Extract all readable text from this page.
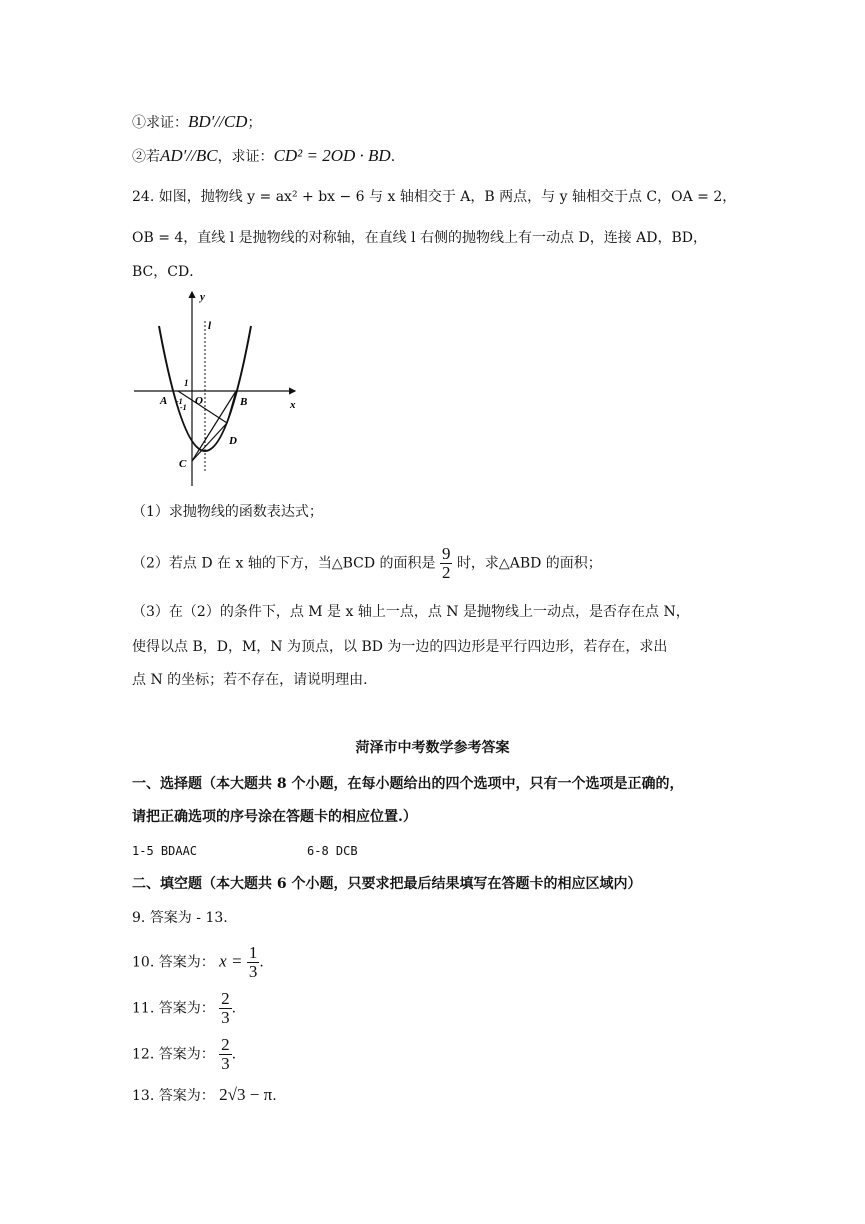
①求证：BD′//CD；
②若AD′//BC，求证：CD² = 2OD · BD．
24. 如图，抛物线 y = ax² + bx − 6 与 x 轴相交于 A，B 两点，与 y 轴相交于点 C，OA = 2，
OB = 4，直线 l 是抛物线的对称轴，在直线 l 右侧的抛物线上有一动点 D，连接 AD，BD，
BC，CD．
y
x
l
1
A -1
-1
O	B
D
C
（1）求抛物线的函数表达式；
（2）若点 D 在 x 轴的下方，当△BCD 的面积是 $\frac{9}{2}$ 时，求△ABD 的面积；
（3）在（2）的条件下，点 M 是 x 轴上一点，点 N 是抛物线上一动点，是否存在点 N，
使得以点 B，D，M，N 为顶点，以 BD 为一边的四边形是平行四边形，若存在，求出
点 N 的坐标；若不存在，请说明理由.
菏泽市中考数学参考答案
一、选择题（本大题共 8 个小题，在每小题给出的四个选项中，只有一个选项是正确的，
请把正确选项的序号涂在答题卡的相应位置.）
1-5 BDAAC	6-8 DCB
二、填空题（本大题共 6 个小题，只要求把最后结果填写在答题卡的相应区域内）
9. 答案为 - 13.
10. 答案为： $x = \frac{1}{3}$ .
11. 答案为： $\frac{2}{3}$ .
12. 答案为： $\frac{2}{3}$ .
13. 答案为： 2√3 − π.
